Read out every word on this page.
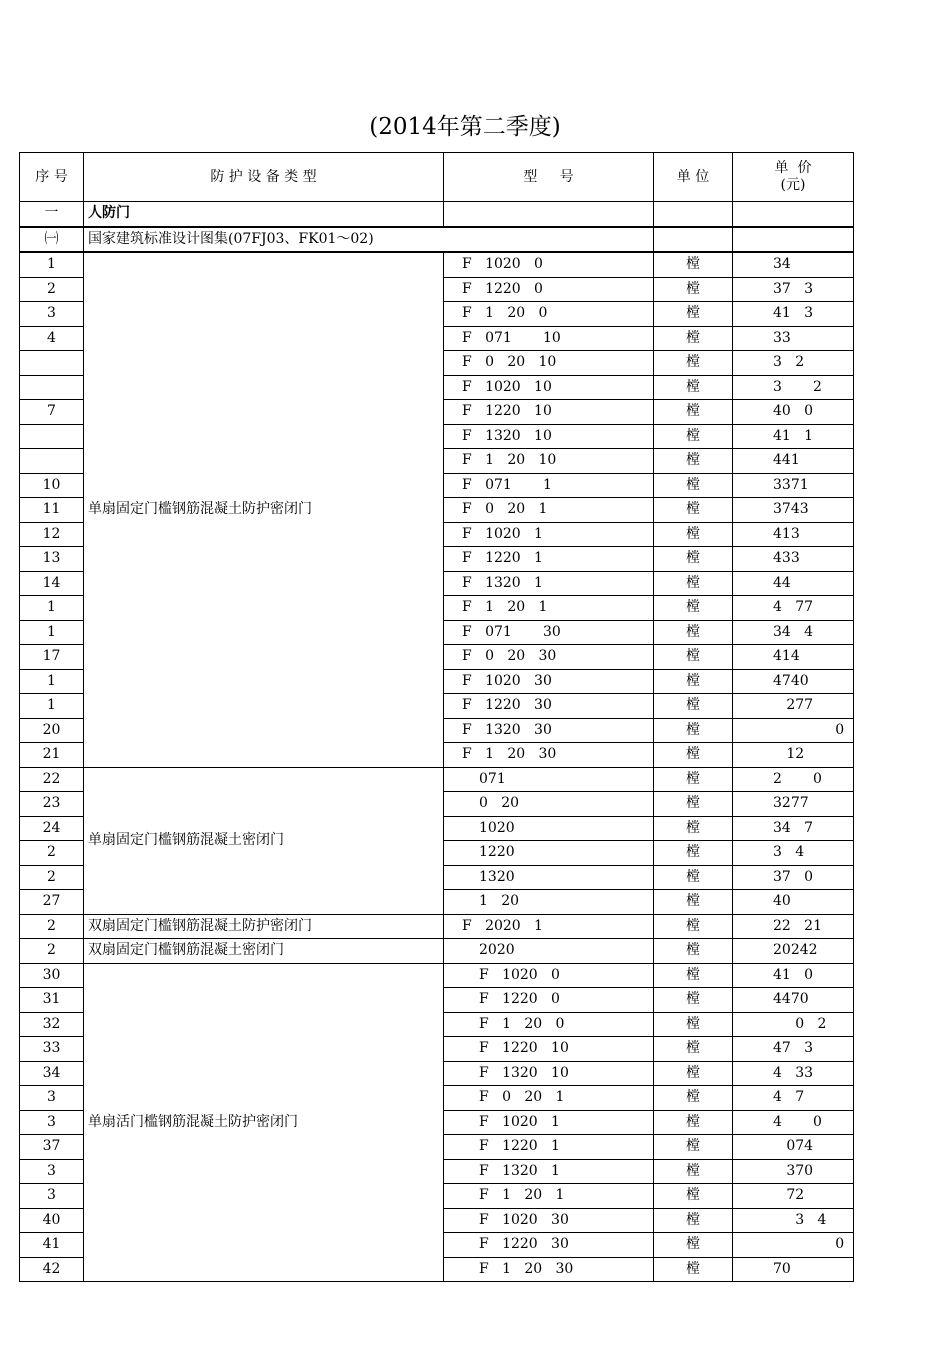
(2014年第二季度)
序 号	防 护 设 备 类 型	型     号	单 位	单  价
(元)
一	人防门			
㈠	国家建筑标准设计图集(07FJ03、FK01～02)			
1	单扇固定门槛钢筋混凝土防护密闭门	F   1020   0	樘	34
2		F   1220   0	樘	37   3
3		F   1   20   0	樘	41   3
4		F   071       10	樘	33
		F   0   20   10	樘	3   2
		F   1020   10	樘	3       2
7		F   1220   10	樘	40   0
		F   1320   10	樘	41   1
		F   1   20   10	樘	441
10		F   071       1	樘	3371
11		F   0   20   1	樘	3743
12		F   1020   1	樘	413
13		F   1220   1	樘	433
14		F   1320   1	樘	44
1		F   1   20   1	樘	4   77
1		F   071       30	樘	34   4
17		F   0   20   30	樘	414
1		F   1020   30	樘	4740
1		F   1220   30	樘	277
20		F   1320   30	樘	0
21		F   1   20   30	樘	12
22	单扇固定门槛钢筋混凝土密闭门	071	樘	2       0
23		0   20	樘	3277
24		1020	樘	34   7
2		1220	樘	3   4
2		1320	樘	37   0
27		1   20	樘	40
2	双扇固定门槛钢筋混凝土防护密闭门	F   2020   1	樘	22   21
2	双扇固定门槛钢筋混凝土密闭门	2020	樘	20242
30	单扇活门槛钢筋混凝土防护密闭门	F   1020   0	樘	41   0
31		F   1220   0	樘	4470
32		F   1   20   0	樘	0   2
33		F   1220   10	樘	47   3
34		F   1320   10	樘	4   33
3		F   0   20   1	樘	4   7
3		F   1020   1	樘	4       0
37		F   1220   1	樘	074
3		F   1320   1	樘	370
3		F   1   20   1	樘	72
40		F   1020   30	樘	3   4
41		F   1220   30	樘	0
42		F   1   20   30	樘	70
